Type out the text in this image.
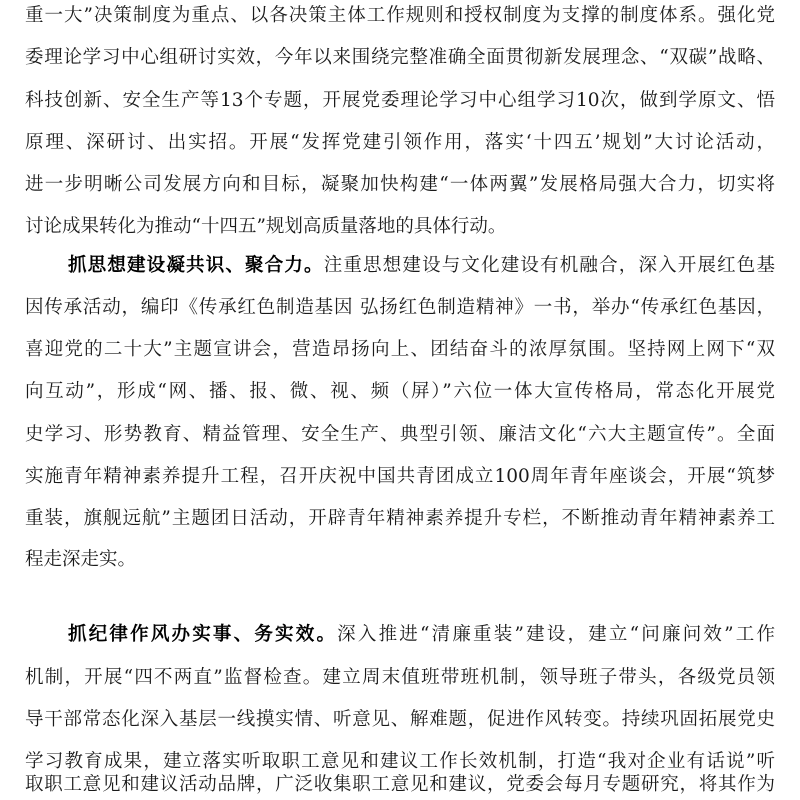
重一大”决策制度为重点、以各决策主体工作规则和授权制度为支撑的制度体系。强化党
委理论学习中心组研讨实效，今年以来围绕完整准确全面贯彻新发展理念、“双碳”战略、
科技创新、安全生产等13个专题，开展党委理论学习中心组学习10次，做到学原文、悟
原理、深研讨、出实招。开展“发挥党建引领作用，落实‘十四五’规划”大讨论活动，
进一步明晰公司发展方向和目标，凝聚加快构建“一体两翼”发展格局强大合力，切实将
讨论成果转化为推动“十四五”规划高质量落地的具体行动。
抓思想建设凝共识、聚合力。注重思想建设与文化建设有机融合，深入开展红色基
因传承活动，编印《传承红色制造基因 弘扬红色制造精神》一书，举办“传承红色基因，
喜迎党的二十大”主题宣讲会，营造昂扬向上、团结奋斗的浓厚氛围。坚持网上网下“双
向互动”，形成“网、播、报、微、视、频（屏）”六位一体大宣传格局，常态化开展党
史学习、形势教育、精益管理、安全生产、典型引领、廉洁文化“六大主题宣传”。全面
实施青年精神素养提升工程，召开庆祝中国共青团成立100周年青年座谈会，开展“筑梦
重装，旗舰远航”主题团日活动，开辟青年精神素养提升专栏，不断推动青年精神素养工
程走深走实。
抓纪律作风办实事、务实效。深入推进“清廉重装”建设，建立“问廉问效”工作
机制，开展“四不两直”监督检查。建立周末值班带班机制，领导班子带头，各级党员领
导干部常态化深入基层一线摸实情、听意见、解难题，促进作风转变。持续巩固拓展党史
学习教育成果，建立落实听取职工意见和建议工作长效机制，打造“我对企业有话说”听
取职工意见和建议活动品牌，广泛收集职工意见和建议，党委会每月专题研究，将其作为
